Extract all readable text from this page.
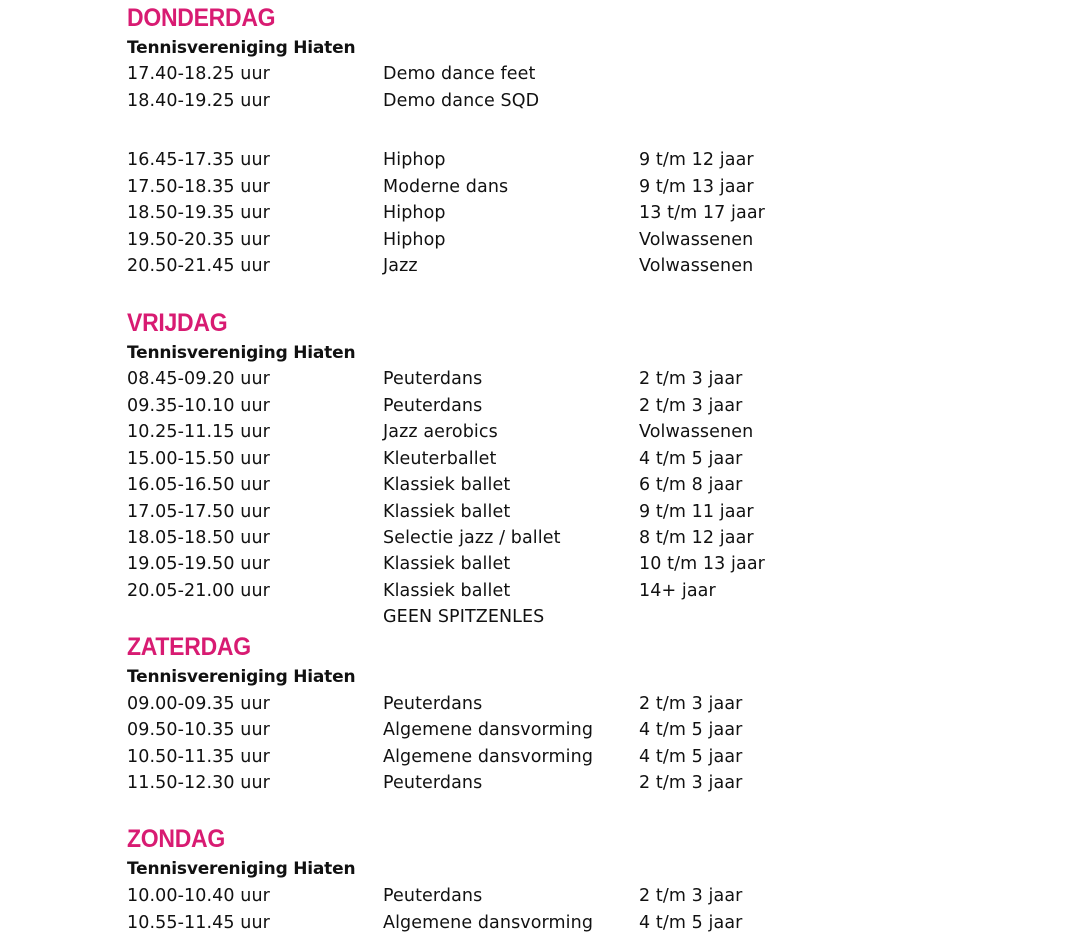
DONDERDAG
Tennisvereniging Hiaten
17.40-18.25 uur	Demo dance feet
18.40-19.25 uur	Demo dance SQD
16.45-17.35 uur	Hiphop	9 t/m 12 jaar
17.50-18.35 uur	Moderne dans	9 t/m 13 jaar
18.50-19.35 uur	Hiphop	13 t/m 17 jaar
19.50-20.35 uur	Hiphop	Volwassenen
20.50-21.45 uur	Jazz	Volwassenen
VRIJDAG
Tennisvereniging Hiaten
08.45-09.20 uur	Peuterdans	2 t/m 3 jaar
09.35-10.10 uur	Peuterdans	2 t/m 3 jaar
10.25-11.15 uur	Jazz aerobics	Volwassenen
15.00-15.50 uur	Kleuterballet	4 t/m 5 jaar
16.05-16.50 uur	Klassiek ballet	6 t/m 8 jaar
17.05-17.50 uur	Klassiek ballet	9 t/m 11 jaar
18.05-18.50 uur	Selectie jazz / ballet	8 t/m 12 jaar
19.05-19.50 uur	Klassiek ballet	10 t/m 13 jaar
20.05-21.00 uur	Klassiek ballet	14+ jaar
GEEN SPITZENLES
ZATERDAG
Tennisvereniging Hiaten
09.00-09.35 uur	Peuterdans	2 t/m 3 jaar
09.50-10.35 uur	Algemene dansvorming	4 t/m 5 jaar
10.50-11.35 uur	Algemene dansvorming	4 t/m 5 jaar
11.50-12.30 uur	Peuterdans	2 t/m 3 jaar
ZONDAG
Tennisvereniging Hiaten
10.00-10.40 uur	Peuterdans	2 t/m 3 jaar
10.55-11.45 uur	Algemene dansvorming	4 t/m 5 jaar
